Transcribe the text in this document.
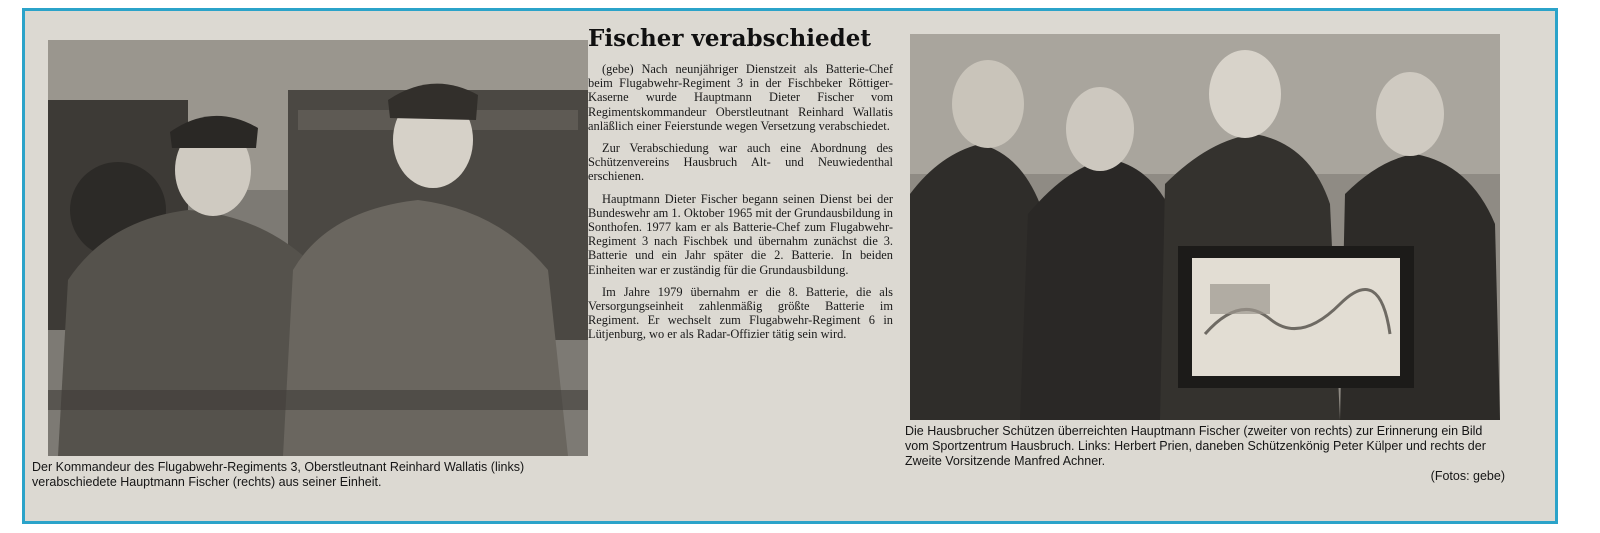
Der Kommandeur des Flugabwehr-Regiments 3, Oberstleutnant Reinhard Wallatis (links) verabschiedete Hauptmann Fischer (rechts) aus seiner Einheit.

Fischer verabschiedet

(gebe) Nach neunjähriger Dienstzeit als Batterie-Chef beim Flugabwehr-Regiment 3 in der Fischbeker Röttiger-Kaserne wurde Hauptmann Dieter Fischer vom Regimentskommandeur Oberstleutnant Reinhard Wallatis anläßlich einer Feierstunde wegen Versetzung verabschiedet.

Zur Verabschiedung war auch eine Abordnung des Schützenvereins Hausbruch Alt- und Neuwiedenthal erschienen.

Hauptmann Dieter Fischer begann seinen Dienst bei der Bundeswehr am 1. Oktober 1965 mit der Grundausbildung in Sonthofen. 1977 kam er als Batterie-Chef zum Flugabwehr-Regiment 3 nach Fischbek und übernahm zunächst die 3. Batterie und ein Jahr später die 2. Batterie. In beiden Einheiten war er zuständig für die Grundausbildung.

Im Jahre 1979 übernahm er die 8. Batterie, die als Versorgungseinheit zahlenmäßig größte Batterie im Regiment. Er wechselt zum Flugabwehr-Regiment 6 in Lütjenburg, wo er als Radar-Offizier tätig sein wird.

Die Hausbrucher Schützen überreichten Hauptmann Fischer (zweiter von rechts) zur Erinnerung ein Bild vom Sportzentrum Hausbruch. Links: Herbert Prien, daneben Schützenkönig Peter Külper und rechts der Zweite Vorsitzende Manfred Achner.
(Fotos: gebe)
